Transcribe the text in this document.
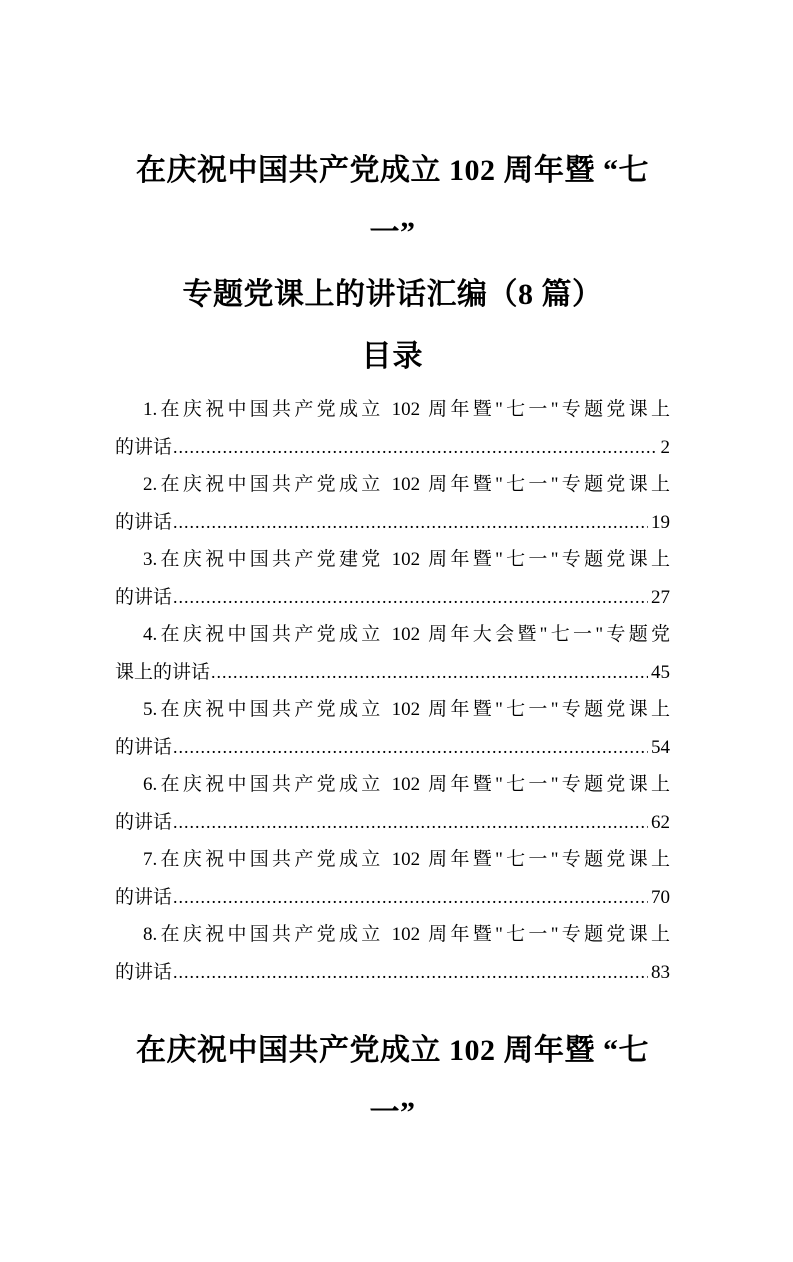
在庆祝中国共产党成立 102 周年暨 “七一”
专题党课上的讲话汇编（8 篇）
目录
1.在庆祝中国共产党成立 102 周年暨"七一"专题党课上
的讲话 .....	2
2.在庆祝中国共产党成立 102 周年暨"七一"专题党课上
的讲话 .....	19
3.在庆祝中国共产党建党 102 周年暨"七一"专题党课上
的讲话 .....	27
4.在庆祝中国共产党成立 102 周年大会暨"七一"专题党
课上的讲话 .....	45
5.在庆祝中国共产党成立 102 周年暨"七一"专题党课上
的讲话 .....	54
6.在庆祝中国共产党成立 102 周年暨"七一"专题党课上
的讲话 .....	62
7.在庆祝中国共产党成立 102 周年暨"七一"专题党课上
的讲话 .....	70
8.在庆祝中国共产党成立 102 周年暨"七一"专题党课上
的讲话 .....	83
在庆祝中国共产党成立 102 周年暨 “七一”
